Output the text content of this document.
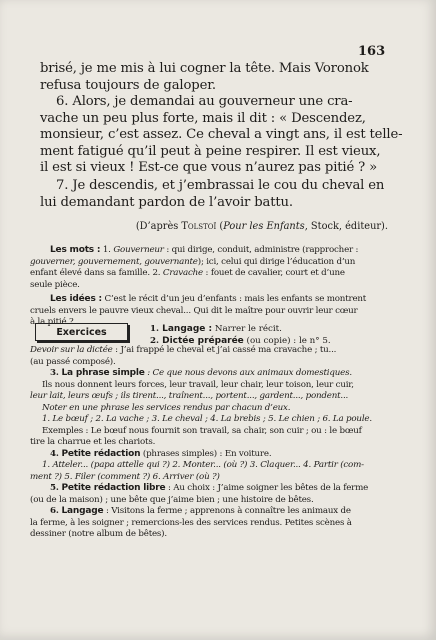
163
brisé, je me mis à lui cogner la tête. Mais Voronok
refusa toujours de galoper.
6. Alors, je demandai au gouverneur une cra-
vache un peu plus forte, mais il dit : « Descendez,
monsieur, c’est assez. Ce cheval a vingt ans, il est telle-
ment fatigué qu’il peut à peine respirer. Il est vieux,
il est si vieux ! Est-ce que vous n’aurez pas pitié ? »
7. Je descendis, et j’embrassai le cou du cheval en
lui demandant pardon de l’avoir battu.
(D’après Tolstoï (Pour les Enfants, Stock, éditeur).
Les mots : 1. Gouverneur : qui dirige, conduit, administre (rapprocher :
gouverner, gouvernement, gouvernante); ici, celui qui dirige l’éducation d’un
enfant élevé dans sa famille. 2. Cravache : fouet de cavalier, court et d’une
seule pièce.
Les idées : C’est le récit d’un jeu d’enfants : mais les enfants se montrent
cruels envers le pauvre vieux cheval... Qui dit le maître pour ouvrir leur cœur
à la pitié ?
Exercices	1. Langage : Narrer le récit.
2. Dictée préparée (ou copie) : le n° 5.
Devoir sur la dictée : J’ai frappé le cheval et j’ai cassé ma cravache ; tu...
(au passé composé).
3. La phrase simple : Ce que nous devons aux animaux domestiques.
Ils nous donnent leurs forces, leur travail, leur chair, leur toison, leur cuir,
leur lait, leurs œufs ; ils tirent..., traînent..., portent..., gardent..., pondent...
Noter en une phrase les services rendus par chacun d’eux.
1. Le bœuf ; 2. La vache ; 3. Le cheval ; 4. La brebis ; 5. Le chien ; 6. La poule.
Exemples : Le bœuf nous fournit son travail, sa chair, son cuir ; ou : le bœuf
tire la charrue et les chariots.
4. Petite rédaction (phrases simples) : En voiture.
1. Atteler... (papa attelle qui ?) 2. Monter... (où ?) 3. Claquer... 4. Partir (com-
ment ?) 5. Filer (comment ?) 6. Arriver (où ?)
5. Petite rédaction libre : Au choix : J’aime soigner les bêtes de la ferme
(ou de la maison) ; une bête que j’aime bien ; une histoire de bêtes.
6. Langage : Visitons la ferme ; apprenons à connaître les animaux de
la ferme, à les soigner ; remercions-les des services rendus. Petites scènes à
dessiner (notre album de bêtes).
